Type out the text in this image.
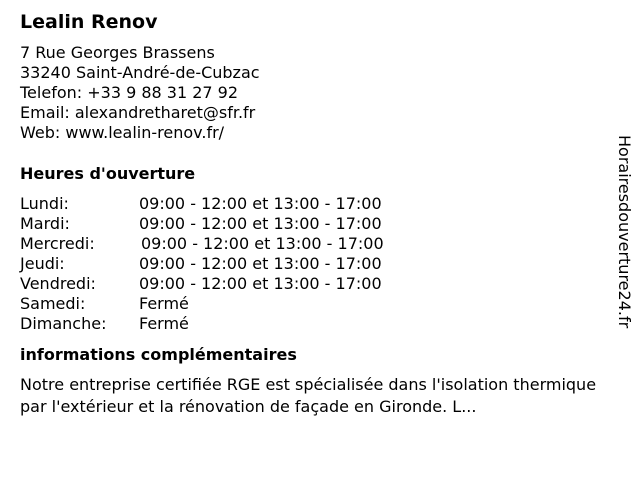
Lealin Renov
7 Rue Georges Brassens
33240 Saint-André-de-Cubzac
Telefon: +33 9 88 31 27 92
Email: alexandretharet@sfr.fr
Web: www.lealin-renov.fr/
Heures d'ouverture
Lundi:	09:00 - 12:00 et 13:00 - 17:00
Mardi:	09:00 - 12:00 et 13:00 - 17:00
Mercredi:	09:00 - 12:00 et 13:00 - 17:00
Jeudi:	09:00 - 12:00 et 13:00 - 17:00
Vendredi:	09:00 - 12:00 et 13:00 - 17:00
Samedi:	Fermé
Dimanche: Fermé
informations complémentaires

Notre entreprise certifiée RGE est spécialisée dans l'isolation thermique par l'extérieur et la rénovation de façade en Gironde. L...

Horairesdouverture24.fr
